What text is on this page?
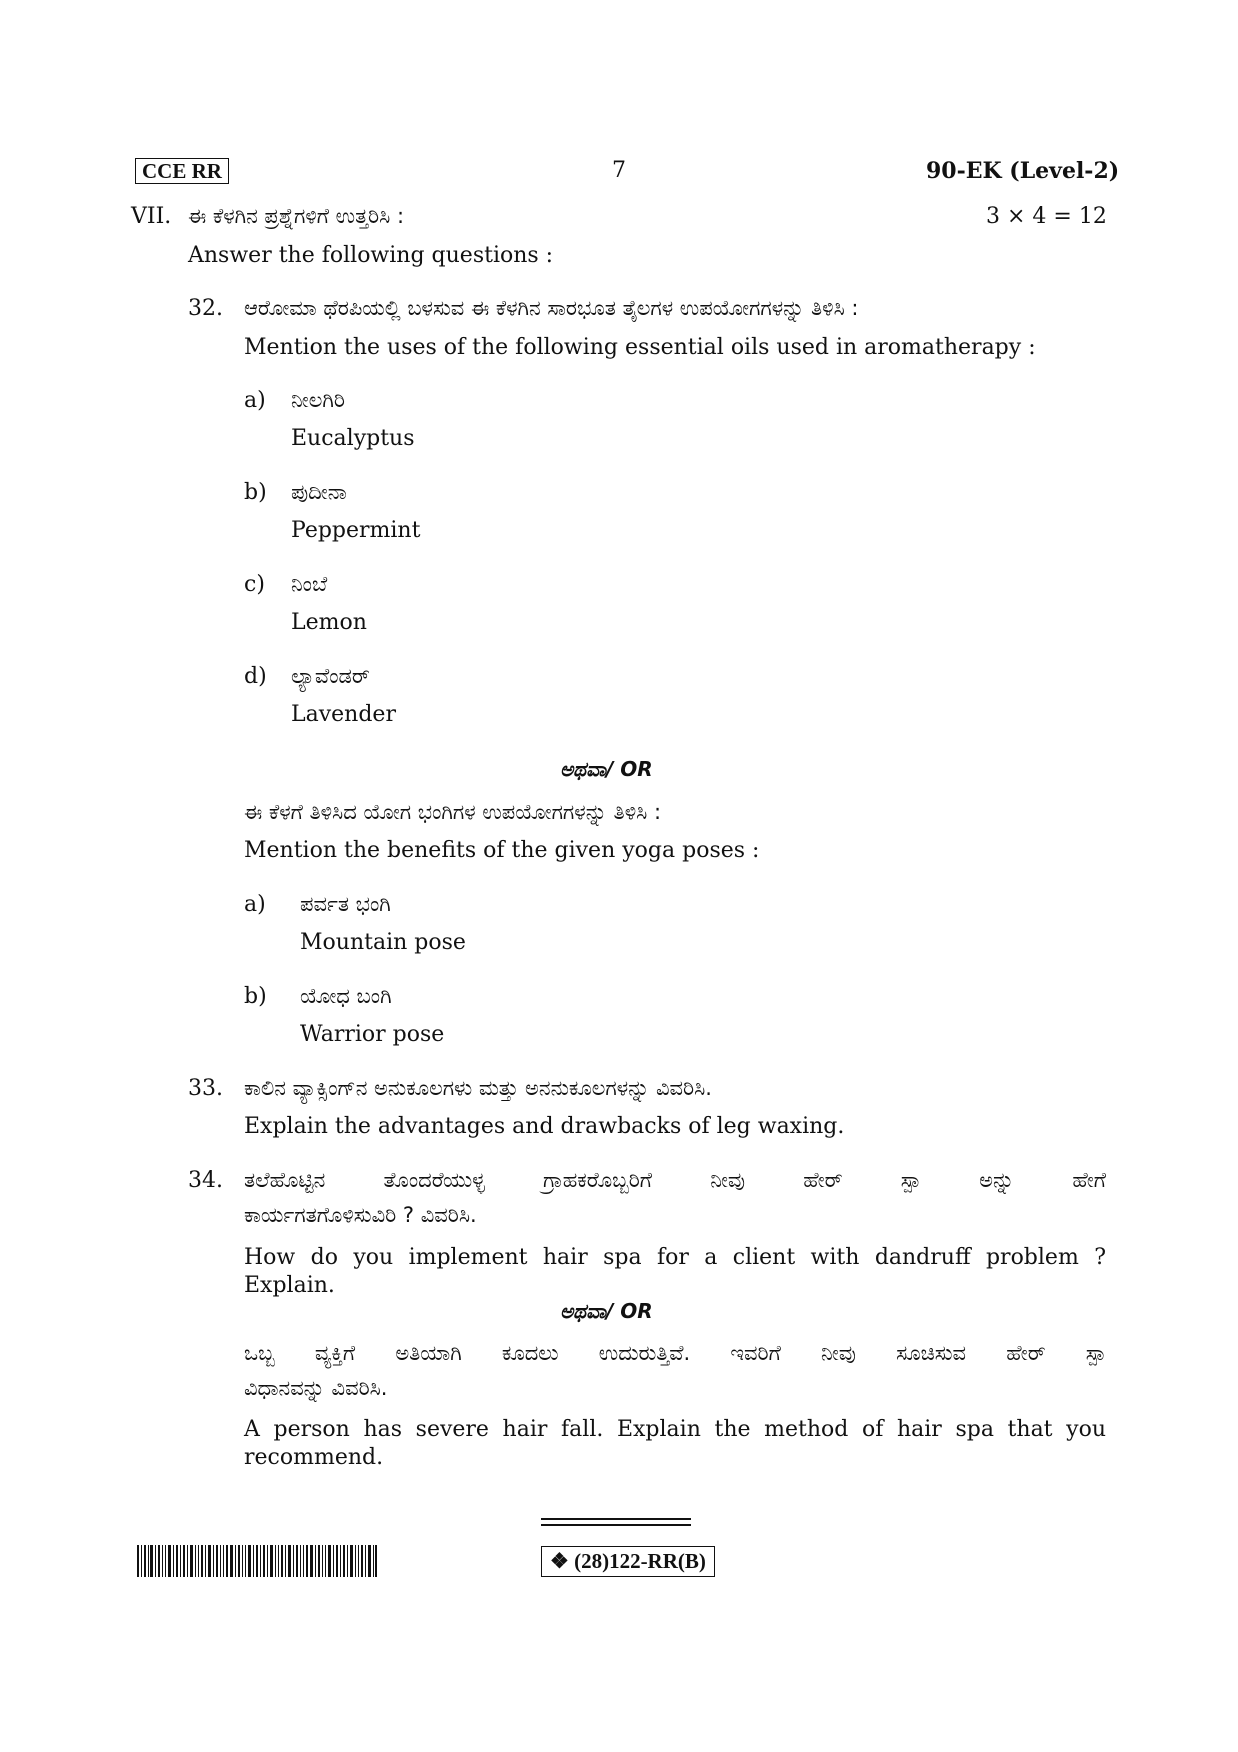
CCE RR	7	90-EK (Level-2)
VII. ಈ ಕೆಳಗಿನ ಪ್ರಶ್ನೆಗಳಿಗೆ ಉತ್ತರಿಸಿ :	3 × 4 = 12
Answer the following questions :
32. ಆರೋಮಾ ಥೆರಪಿಯಲ್ಲಿ ಬಳಸುವ ಈ ಕೆಳಗಿನ ಸಾರಭೂತ ತೈಲಗಳ ಉಪಯೋಗಗಳನ್ನು ತಿಳಿಸಿ :
Mention the uses of the following essential oils used in aromatherapy :
a) ನೀಲಗಿರಿ
Eucalyptus
b) ಪುದೀನಾ
Peppermint
c) ನಿಂಬೆ
Lemon
d) ಲ್ಯಾವೆಂಡರ್
Lavender
ಅಥವಾ/ OR
ಈ ಕೆಳಗೆ ತಿಳಿಸಿದ ಯೋಗ ಭಂಗಿಗಳ ಉಪಯೋಗಗಳನ್ನು ತಿಳಿಸಿ :
Mention the benefits of the given yoga poses :
a) ಪರ್ವತ ಭಂಗಿ
Mountain pose
b) ಯೋಧ ಬಂಗಿ
Warrior pose
33. ಕಾಲಿನ ವ್ಯಾಕ್ಸಿಂಗ್‌ನ ಅನುಕೂಲಗಳು ಮತ್ತು ಅನನುಕೂಲಗಳನ್ನು ವಿವರಿಸಿ.
Explain the advantages and drawbacks of leg waxing.
34. ತಲೆಹೊಟ್ಟಿನ ತೊಂದರೆಯುಳ್ಳ ಗ್ರಾಹಕರೊಬ್ಬರಿಗೆ ನೀವು ಹೇರ್ ಸ್ಪಾ ಅನ್ನು ಹೇಗೆ
ಕಾರ್ಯಗತಗೊಳಿಸುವಿರಿ ? ವಿವರಿಸಿ.
How do you implement hair spa for a client with dandruff problem ?
Explain.
ಅಥವಾ/ OR
ಒಬ್ಬ ವ್ಯಕ್ತಿಗೆ ಅತಿಯಾಗಿ ಕೂದಲು ಉದುರುತ್ತಿವೆ. ಇವರಿಗೆ ನೀವು ಸೂಚಿಸುವ ಹೇರ್ ಸ್ಪಾ
ವಿಧಾನವನ್ನು ವಿವರಿಸಿ.
A person has severe hair fall. Explain the method of hair spa that you
recommend.
❖ (28)122-RR(B)
